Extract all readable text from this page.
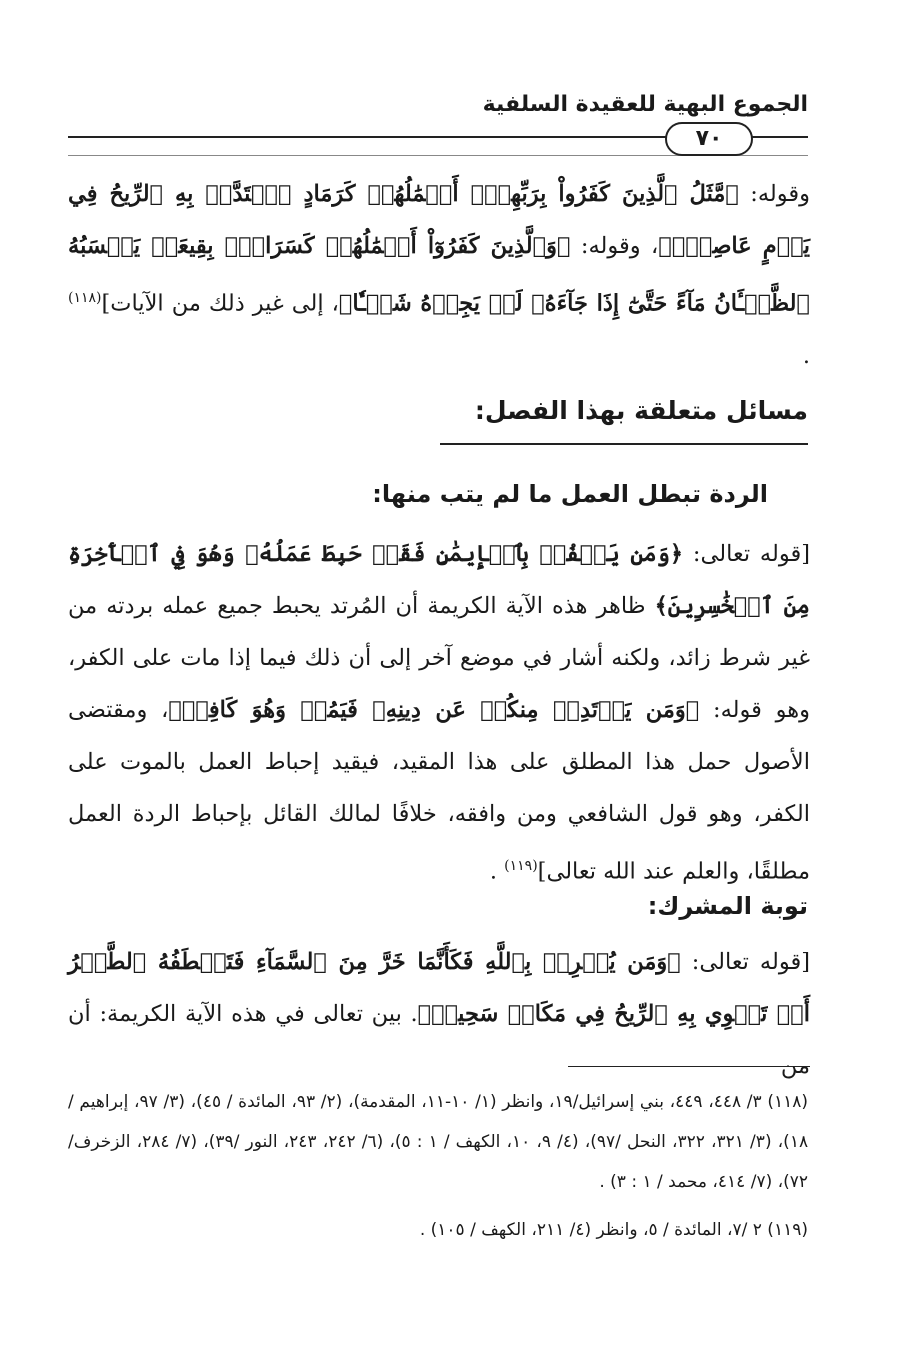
الجموع البهية للعقيدة السلفية
٧٠

وقوله: ﴿مَّثَلُ ٱلَّذِينَ كَفَرُواْ بِرَبِّهِمْۖ أَعۡمَٰلُهُمۡ كَرَمَادٍ ٱشۡتَدَّتۡ بِهِ ٱلرِّيحُ فِي يَوۡمٍ عَاصِفٍۖ﴾، وقوله: ﴿وَٱلَّذِينَ كَفَرُوٓاْ أَعۡمَٰلُهُمۡ كَسَرَابِۭ بِقِيعَةٖ يَحۡسَبُهُ ٱلظَّمۡـَٔانُ مَآءً حَتَّىٰٓ إِذَا جَآءَهُۥ لَمۡ يَجِدۡهُ شَيۡـٔٗا﴾، إلى غير ذلك من الآيات]$^{(١١٨)}$ .

مسائل متعلقة بهذا الفصل:
الردة تبطل العمل ما لم يتب منها:

[قوله تعالى: ﴿وَمَن يَكۡفُرۡ بِٱلۡإِيمَٰنِ فَقَدۡ حَبِطَ عَمَلُهُۥ وَهُوَ فِي ٱلۡأٓخِرَةِ مِنَ ٱلۡخَٰسِرِينَ﴾ ظاهر هذه الآية الكريمة أن المُرتد يحبط جميع عمله بردته من غير شرط زائد، ولكنه أشار في موضع آخر إلى أن ذلك فيما إذا مات على الكفر، وهو قوله: ﴿وَمَن يَرۡتَدِدۡ مِنكُمۡ عَن دِينِهِۦ فَيَمُتۡ وَهُوَ كَافِرٞ﴾، ومقتضى الأصول حمل هذا المطلق على هذا المقيد، فيقيد إحباط العمل بالموت على الكفر، وهو قول الشافعي ومن وافقه، خلافًا لمالك القائل بإحباط الردة العمل مطلقًا، والعلم عند الله تعالى]$^{(١١٩)}$ .

توبة المشرك:

[قوله تعالى: ﴿وَمَن يُشۡرِكۡ بِٱللَّهِ فَكَأَنَّمَا خَرَّ مِنَ ٱلسَّمَآءِ فَتَخۡطَفُهُ ٱلطَّيۡرُ أَوۡ تَهۡوِي بِهِ ٱلرِّيحُ فِي مَكَانٖ سَحِيقٖ﴾. بين تعالى في هذه الآية الكريمة: أن من

(١١٨) ٣/ ٤٤٨، ٤٤٩، بني إسرائيل/١٩، وانظر (١/ ١٠-١١، المقدمة)، (٢/ ٩٣، المائدة / ٤٥)، (٣/ ٩٧، إبراهيم /١٨)، (٣/ ٣٢١، ٣٢٢، النحل /٩٧)، (٤/ ٩، ١٠، الكهف / ١ : ٥)، (٦/ ٢٤٢، ٢٤٣، النور /٣٩)، (٧/ ٢٨٤، الزخرف/ ٧٢)، (٧/ ٤١٤، محمد / ١ : ٣) .

(١١٩) ٢ /٧، المائدة / ٥، وانظر (٤/ ٢١١، الكهف / ١٠٥) .
